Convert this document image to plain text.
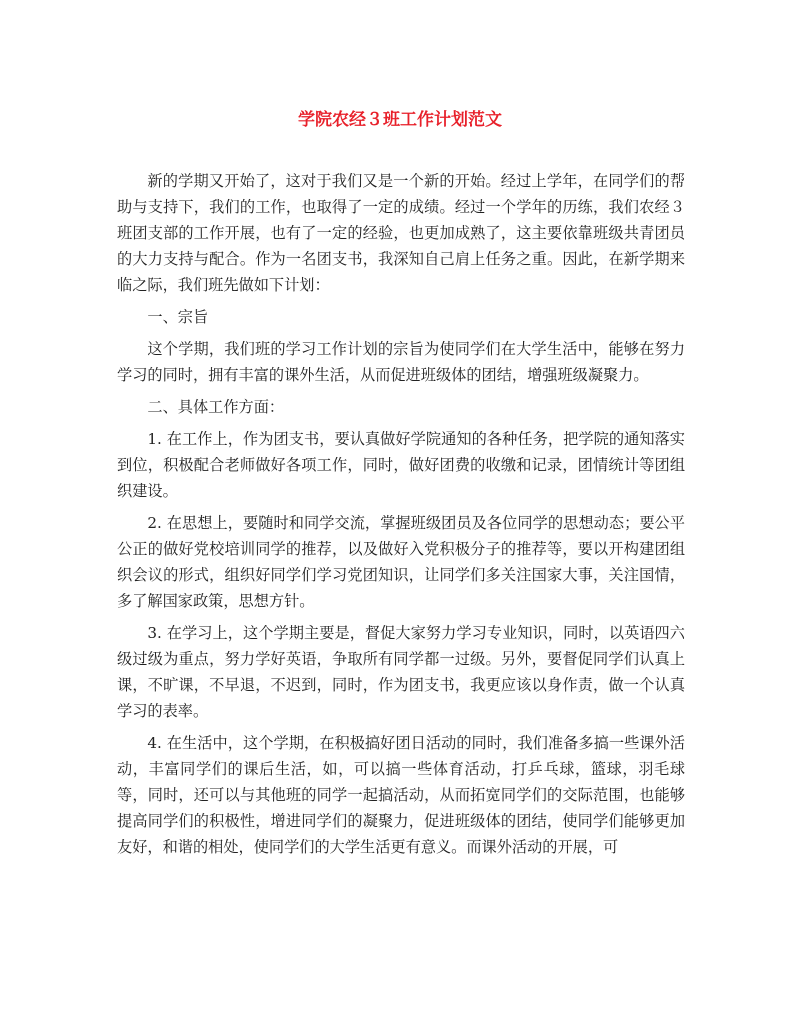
学院农经３班工作计划范文

新的学期又开始了，这对于我们又是一个新的开始。经过上学年，在同学们的帮助与支持下，我们的工作，也取得了一定的成绩。经过一个学年的历练，我们农经３班团支部的工作开展，也有了一定的经验，也更加成熟了，这主要依靠班级共青团员的大力支持与配合。作为一名团支书，我深知自己肩上任务之重。因此，在新学期来临之际，我们班先做如下计划：

一、宗旨

这个学期，我们班的学习工作计划的宗旨为使同学们在大学生活中，能够在努力学习的同时，拥有丰富的课外生活，从而促进班级体的团结，增强班级凝聚力。

二、具体工作方面：

1. 在工作上，作为团支书，要认真做好学院通知的各种任务，把学院的通知落实到位，积极配合老师做好各项工作，同时，做好团费的收缴和记录，团情统计等团组织建设。

2. 在思想上，要随时和同学交流，掌握班级团员及各位同学的思想动态；要公平公正的做好党校培训同学的推荐，以及做好入党积极分子的推荐等，要以开构建团组织会议的形式，组织好同学们学习党团知识，让同学们多关注国家大事，关注国情，多了解国家政策，思想方针。

3. 在学习上，这个学期主要是，督促大家努力学习专业知识，同时，以英语四六级过级为重点，努力学好英语，争取所有同学都一过级。另外，要督促同学们认真上课，不旷课，不早退，不迟到，同时，作为团支书，我更应该以身作责，做一个认真学习的表率。

4. 在生活中，这个学期，在积极搞好团日活动的同时，我们准备多搞一些课外活动，丰富同学们的课后生活，如，可以搞一些体育活动，打乒乓球，篮球，羽毛球等，同时，还可以与其他班的同学一起搞活动，从而拓宽同学们的交际范围，也能够提高同学们的积极性，增进同学们的凝聚力，促进班级体的团结，使同学们能够更加友好，和谐的相处，使同学们的大学生活更有意义。而课外活动的开展，可
